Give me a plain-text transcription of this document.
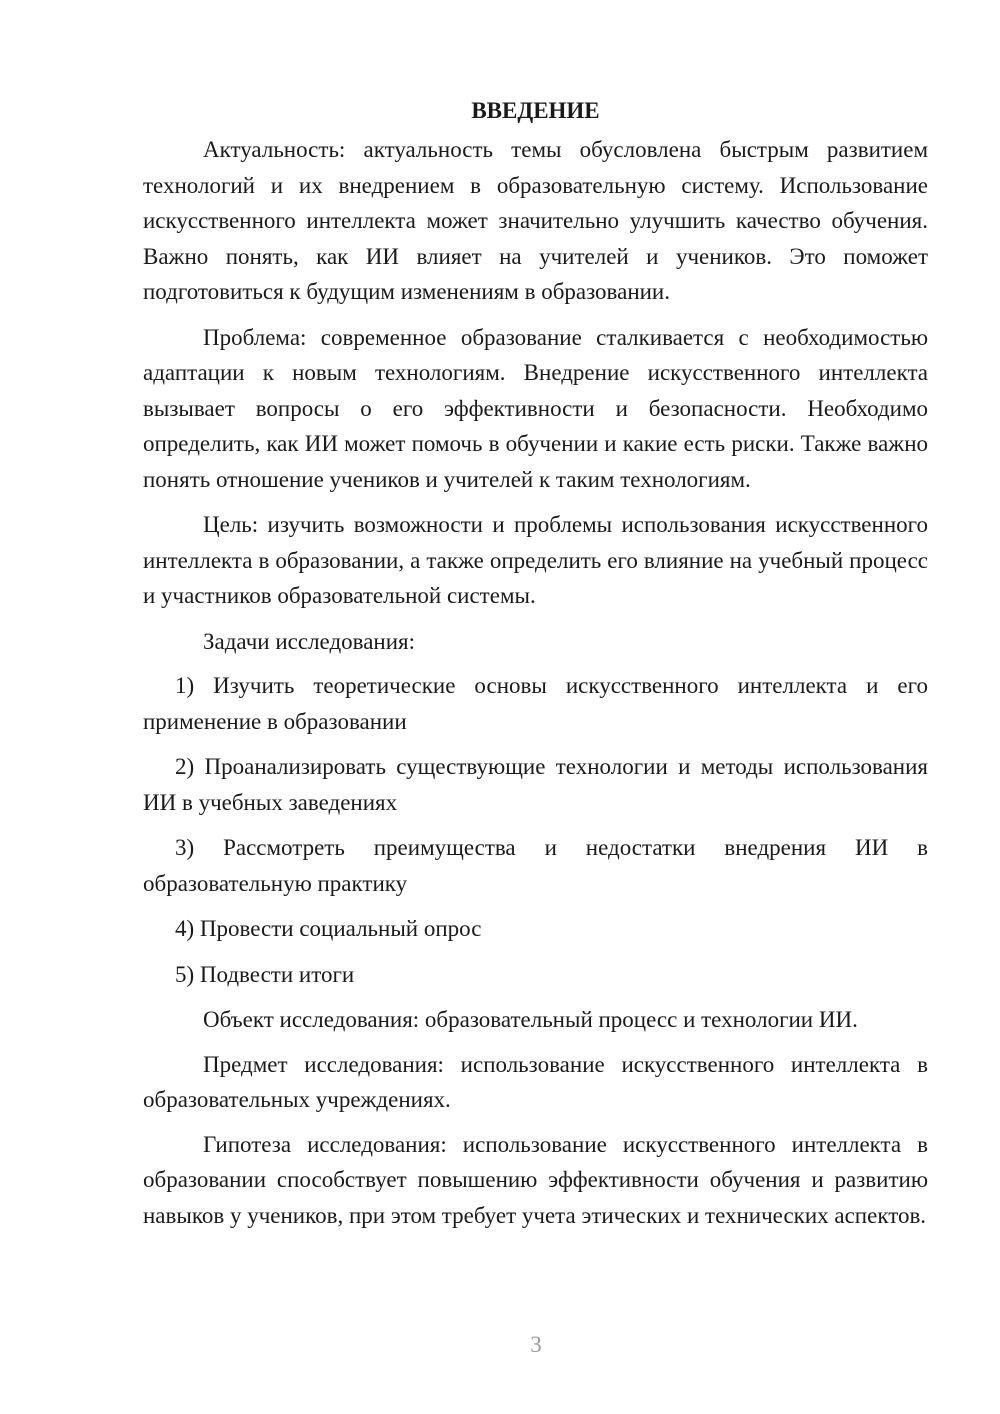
ВВЕДЕНИЕ

Актуальность: актуальность темы обусловлена быстрым развитием технологий и их внедрением в образовательную систему. Использование искусственного интеллекта может значительно улучшить качество обучения. Важно понять, как ИИ влияет на учителей и учеников. Это поможет подготовиться к будущим изменениям в образовании.

Проблема: современное образование сталкивается с необходимостью адаптации к новым технологиям. Внедрение искусственного интеллекта вызывает вопросы о его эффективности и безопасности. Необходимо определить, как ИИ может помочь в обучении и какие есть риски. Также важно понять отношение учеников и учителей к таким технологиям.

Цель: изучить возможности и проблемы использования искусственного интеллекта в образовании, а также определить его влияние на учебный процесс и участников образовательной системы.

Задачи исследования:

1) Изучить теоретические основы искусственного интеллекта и его применение в образовании

2) Проанализировать существующие технологии и методы использования ИИ в учебных заведениях

3) Рассмотреть преимущества и недостатки внедрения ИИ в образовательную практику

4) Провести социальный опрос

5) Подвести итоги

Объект исследования: образовательный процесс и технологии ИИ.

Предмет исследования: использование искусственного интеллекта в образовательных учреждениях.

Гипотеза исследования: использование искусственного интеллекта в образовании способствует повышению эффективности обучения и развитию навыков у учеников, при этом требует учета этических и технических аспектов.

3
